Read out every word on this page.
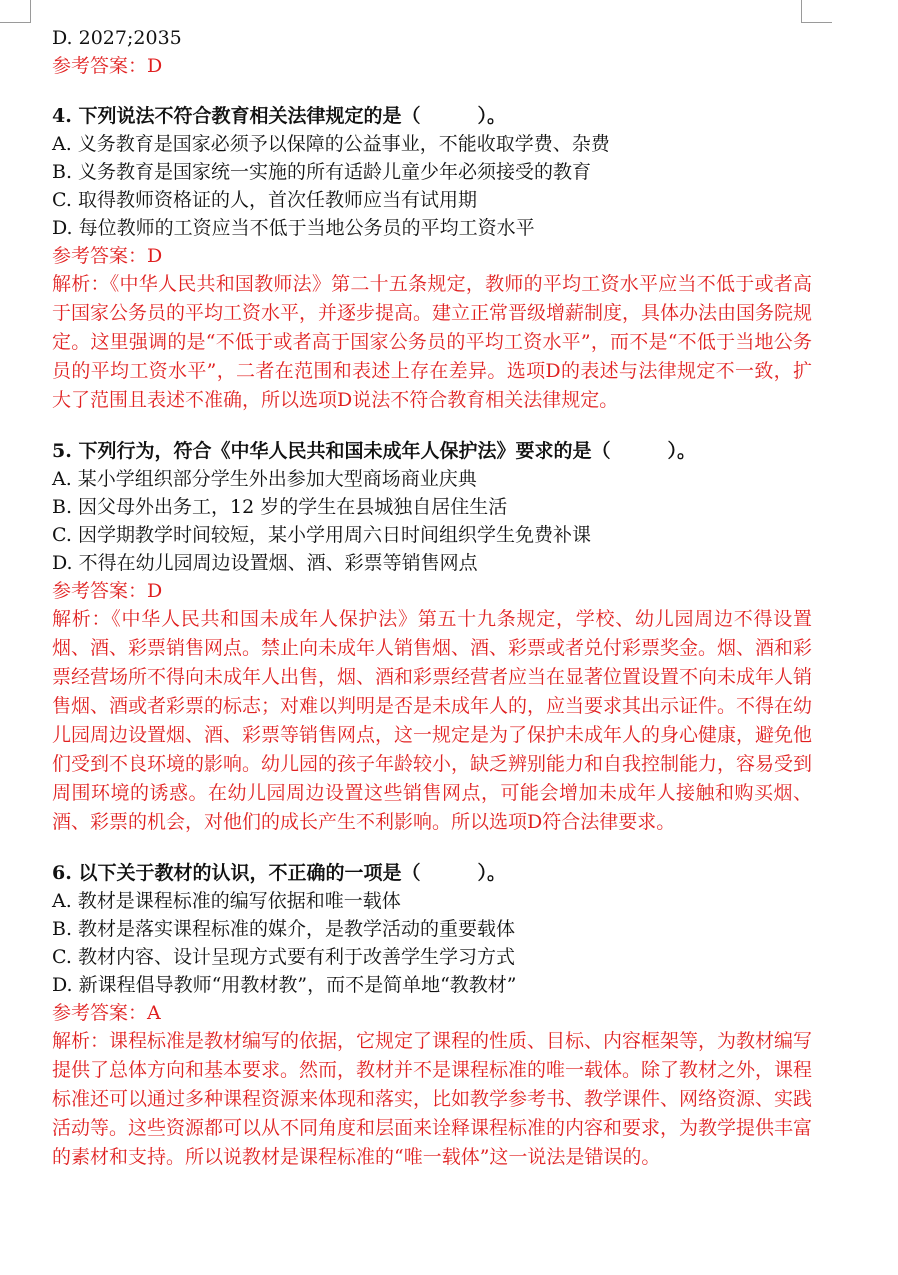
D. 2027;2035
参考答案：D
4. 下列说法不符合教育相关法律规定的是（　　　）。
A. 义务教育是国家必须予以保障的公益事业，不能收取学费、杂费
B. 义务教育是国家统一实施的所有适龄儿童少年必须接受的教育
C. 取得教师资格证的人，首次任教师应当有试用期
D. 每位教师的工资应当不低于当地公务员的平均工资水平
参考答案：D
解析：《中华人民共和国教师法》第二十五条规定，教师的平均工资水平应当不低于或者高于国家公务员的平均工资水平，并逐步提高。建立正常晋级增薪制度，具体办法由国务院规定。这里强调的是“不低于或者高于国家公务员的平均工资水平”，而不是“不低于当地公务员的平均工资水平”，二者在范围和表述上存在差异。选项D的表述与法律规定不一致，扩大了范围且表述不准确，所以选项D说法不符合教育相关法律规定。
5. 下列行为，符合《中华人民共和国未成年人保护法》要求的是（　　　）。
A. 某小学组织部分学生外出参加大型商场商业庆典
B. 因父母外出务工，12 岁的学生在县城独自居住生活
C. 因学期教学时间较短，某小学用周六日时间组织学生免费补课
D. 不得在幼儿园周边设置烟、酒、彩票等销售网点
参考答案：D
解析：《中华人民共和国未成年人保护法》第五十九条规定，学校、幼儿园周边不得设置烟、酒、彩票销售网点。禁止向未成年人销售烟、酒、彩票或者兑付彩票奖金。烟、酒和彩票经营场所不得向未成年人出售，烟、酒和彩票经营者应当在显著位置设置不向未成年人销售烟、酒或者彩票的标志；对难以判明是否是未成年人的，应当要求其出示证件。不得在幼儿园周边设置烟、酒、彩票等销售网点，这一规定是为了保护未成年人的身心健康，避免他们受到不良环境的影响。幼儿园的孩子年龄较小，缺乏辨别能力和自我控制能力，容易受到周围环境的诱惑。在幼儿园周边设置这些销售网点，可能会增加未成年人接触和购买烟、酒、彩票的机会，对他们的成长产生不利影响。所以选项D符合法律要求。
6. 以下关于教材的认识，不正确的一项是（　　　）。
A. 教材是课程标准的编写依据和唯一载体
B. 教材是落实课程标准的媒介，是教学活动的重要载体
C. 教材内容、设计呈现方式要有利于改善学生学习方式
D. 新课程倡导教师“用教材教”，而不是简单地“教教材”
参考答案：A
解析：课程标准是教材编写的依据，它规定了课程的性质、目标、内容框架等，为教材编写提供了总体方向和基本要求。然而，教材并不是课程标准的唯一载体。除了教材之外，课程标准还可以通过多种课程资源来体现和落实，比如教学参考书、教学课件、网络资源、实践活动等。这些资源都可以从不同角度和层面来诠释课程标准的内容和要求，为教学提供丰富的素材和支持。所以说教材是课程标准的“唯一载体”这一说法是错误的。
